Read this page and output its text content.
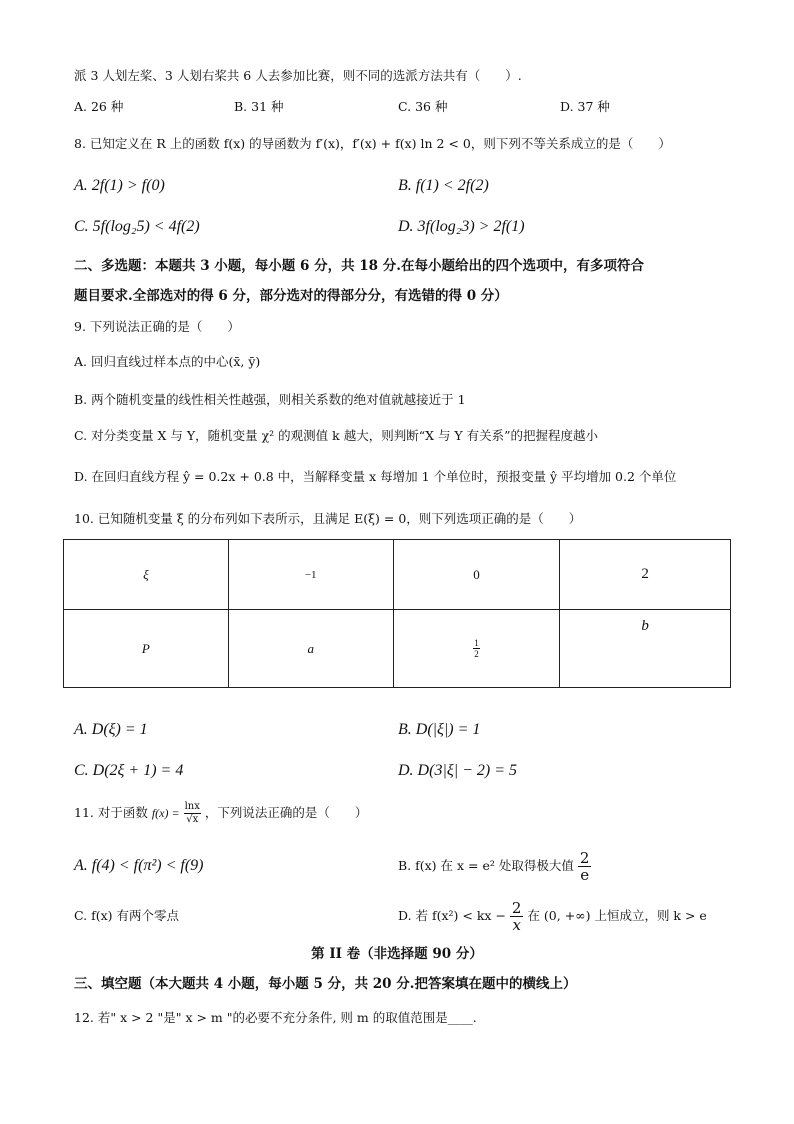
派 3 人划左桨、3 人划右桨共 6 人去参加比赛，则不同的选派方法共有（　　）.
A. 26 种	B. 31 种	C. 36 种	D. 37 种
8. 已知定义在 R 上的函数 f(x) 的导函数为 f′(x)，f′(x) + f(x) ln 2 < 0，则下列不等关系成立的是（　　）
A. 2f(1) > f(0)	B. f(1) < 2f(2)
C. 5f(log₂5) < 4f(2)	D. 3f(log₂3) > 2f(1)
二、多选题：本题共 3 小题，每小题 6 分，共 18 分.在每小题给出的四个选项中，有多项符合
题目要求.全部选对的得 6 分，部分选对的得部分分，有选错的得 0 分）
9. 下列说法正确的是（　　）
A. 回归直线过样本点的中心(x̄, ȳ)
B. 两个随机变量的线性相关性越强，则相关系数的绝对值就越接近于 1
C. 对分类变量 X 与 Y，随机变量 χ² 的观测值 k 越大，则判断“X 与 Y 有关系”的把握程度越小
D. 在回归直线方程 ŷ = 0.2x + 0.8 中，当解释变量 x 每增加 1 个单位时，预报变量 ŷ 平均增加 0.2 个单位
10. 已知随机变量 ξ 的分布列如下表所示，且满足 E(ξ) = 0，则下列选项正确的是（　　）
ξ	−1	0	2
P	a	$\frac{1}{2}$	b
A. D(ξ) = 1	B. D(|ξ|) = 1
C. D(2ξ + 1) = 4	D. D(3|ξ| − 2) = 5
11. 对于函数 $f(x) = \frac{\ln x}{√x}$ ，下列说法正确的是（　　）
A. f(4) < f(π²) < f(9)	B. f(x) 在 x = e² 处取得极大值 $\frac{2}{e}$
C. f(x) 有两个零点	D. 若 f(x²) < kx − $\frac{2}{x}$ 在 (0, +∞) 上恒成立，则 k > e
第 II 卷（非选择题 90 分）
三、填空题（本大题共 4 小题，每小题 5 分，共 20 分.把答案填在题中的横线上）
12. 若" x > 2 "是" x > m "的必要不充分条件, 则 m 的取值范围是____.
